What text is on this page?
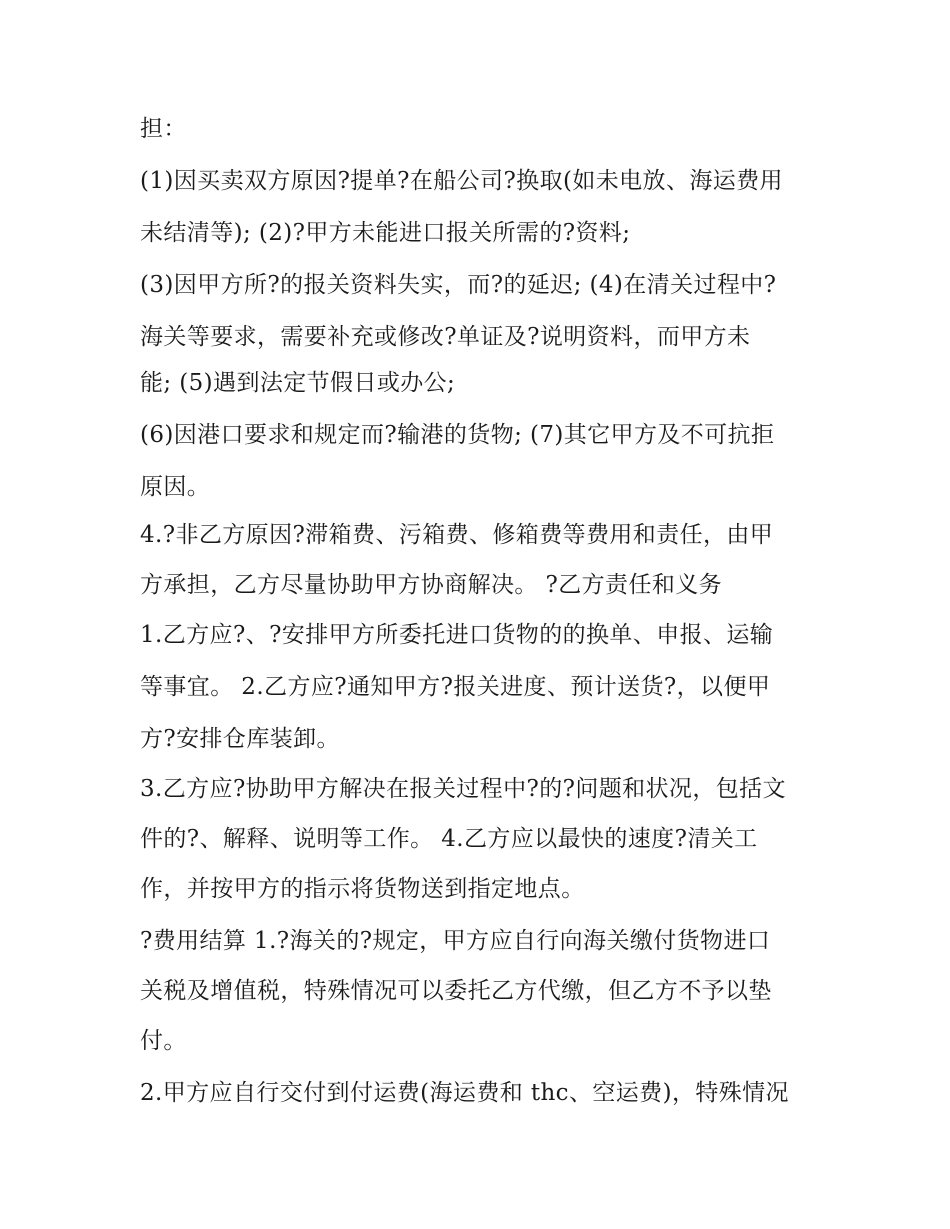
担：
(1)因买卖双方原因?提单?在船公司?换取(如未电放、海运费用
未结清等); (2)?甲方未能进口报关所需的?资料;
(3)因甲方所?的报关资料失实，而?的延迟; (4)在清关过程中?
海关等要求，需要补充或修改?单证及?说明资料，而甲方未
能; (5)遇到法定节假日或办公;
(6)因港口要求和规定而?输港的货物; (7)其它甲方及不可抗拒
原因。
4.?非乙方原因?滞箱费、污箱费、修箱费等费用和责任，由甲
方承担，乙方尽量协助甲方协商解决。 ?乙方责任和义务
1.乙方应?、?安排甲方所委托进口货物的的换单、申报、运输
等事宜。 2.乙方应?通知甲方?报关进度、预计送货?，以便甲
方?安排仓库装卸。
3.乙方应?协助甲方解决在报关过程中?的?问题和状况，包括文
件的?、解释、说明等工作。 4.乙方应以最快的速度?清关工
作，并按甲方的指示将货物送到指定地点。
?费用结算 1.?海关的?规定，甲方应自行向海关缴付货物进口
关税及增值税，特殊情况可以委托乙方代缴，但乙方不予以垫
付。
2.甲方应自行交付到付运费(海运费和 thc、空运费)，特殊情况
